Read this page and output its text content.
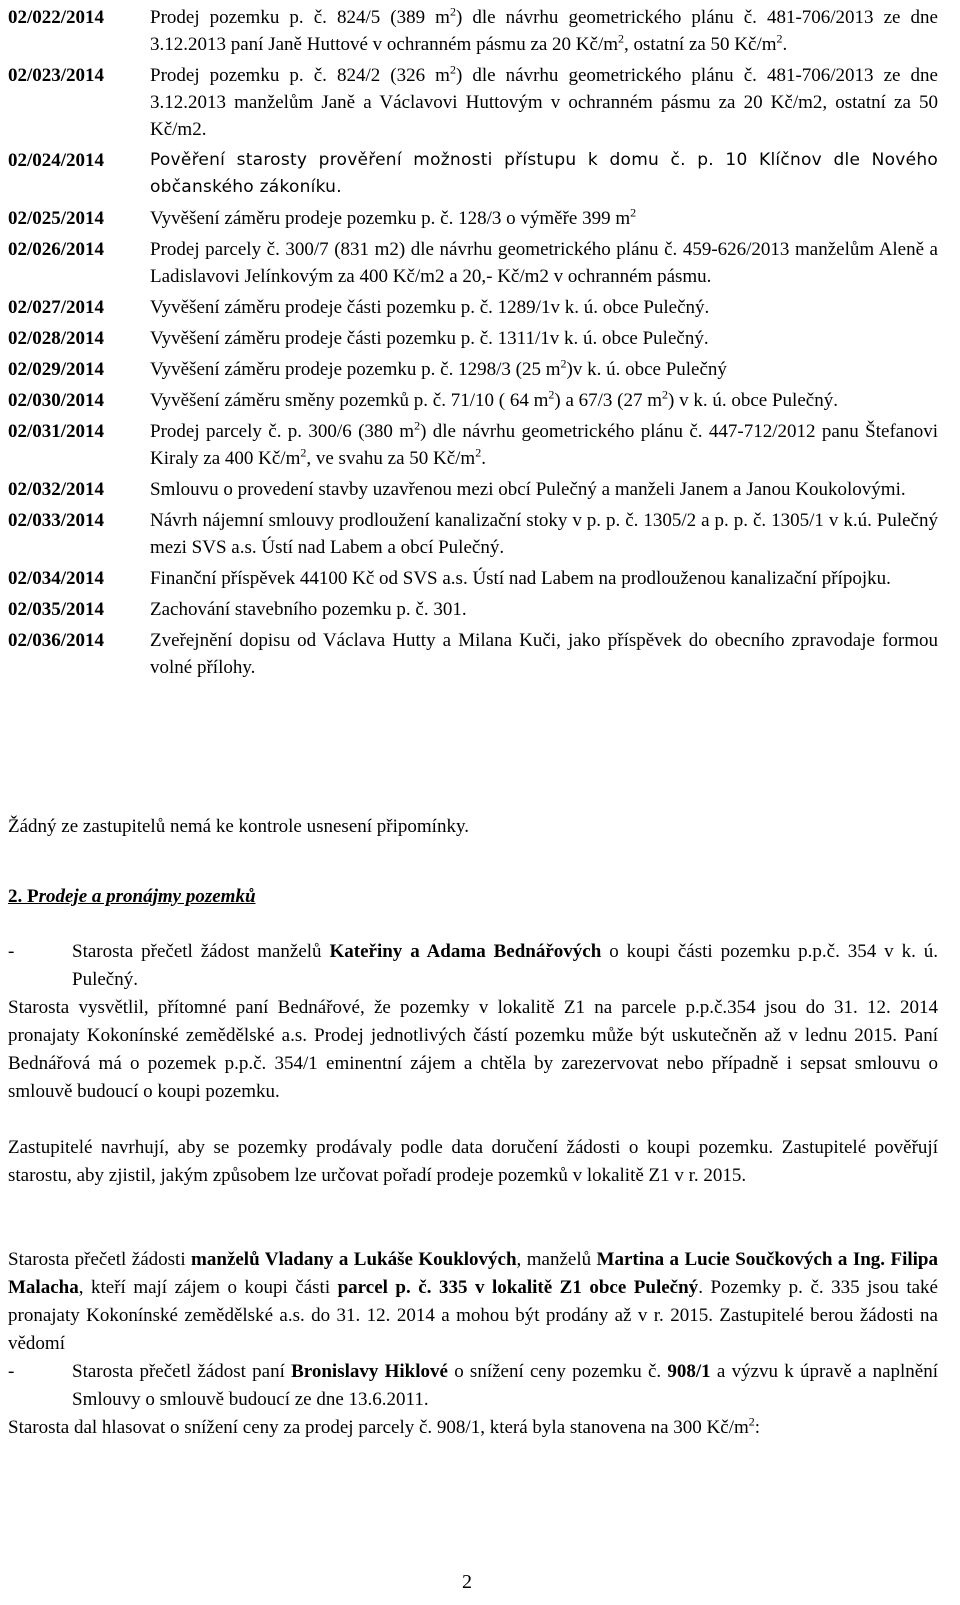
02/022/2014	Prodej pozemku p. č. 824/5 (389 $m^2$) dle návrhu geometrického plánu č. 481-706/2013 ze dne 3.12.2013 paní Janě Huttové v ochranném pásmu za 20 $Kč/m^2$, ostatní za 50 $Kč/m^2$.
02/023/2014	Prodej pozemku p. č. 824/2 (326 $m^2$) dle návrhu geometrického plánu č. 481-706/2013 ze dne 3.12.2013 manželům Janě a Václavovi Huttovým v ochranném pásmu za 20 Kč/m2, ostatní za 50 Kč/m2.
02/024/2014	Pověření starosty prověření možnosti přístupu k domu č. p. 10 Klíčnov dle Nového občanského zákoníku.
02/025/2014	Vyvěšení záměru prodeje pozemku p. č. 128/3 o výměře 399 $m^2$
02/026/2014	Prodej parcely č. 300/7 (831 m2) dle návrhu geometrického plánu č. 459-626/2013 manželům Aleně a Ladislavovi Jelínkovým za 400 Kč/m2 a 20,- Kč/m2 v ochranném pásmu.
02/027/2014	Vyvěšení záměru prodeje části pozemku p. č. 1289/1v k. ú. obce Pulečný.
02/028/2014	Vyvěšení záměru prodeje části pozemku p. č. 1311/1v k. ú. obce Pulečný.
02/029/2014	Vyvěšení záměru prodeje pozemku p. č. 1298/3 (25 $m^2)v$ k. ú. obce Pulečný
02/030/2014	Vyvěšení záměru směny pozemků p. č. 71/10 ( 64 $m^2$) a 67/3 (27 $m^2$) v k. ú. obce Pulečný.
02/031/2014	Prodej parcely č. p. 300/6 (380 $m^2$) dle návrhu geometrického plánu č. 447-712/2012 panu Štefanovi Kiraly za 400 $Kč/m^2$, ve svahu za 50 $Kč/m^2$.
02/032/2014	Smlouvu o provedení stavby uzavřenou mezi obcí Pulečný a manželi Janem a Janou Koukolovými.
02/033/2014	Návrh nájemní smlouvy prodloužení kanalizační stoky v p. p. č. 1305/2 a p. p. č. 1305/1 v k.ú. Pulečný mezi SVS a.s. Ústí nad Labem a obcí Pulečný.
02/034/2014	Finanční příspěvek 44100 Kč od SVS a.s. Ústí nad Labem na prodlouženou kanalizační přípojku.
02/035/2014	Zachování stavebního pozemku p. č. 301.
02/036/2014	Zveřejnění dopisu od Václava Hutty a Milana Kuči, jako příspěvek do obecního zpravodaje formou volné přílohy.
Žádný ze zastupitelů nemá ke kontrole usnesení připomínky.
2. Prodeje a pronájmy pozemků
-	Starosta přečetl žádost manželů Kateřiny a Adama Bednářových o koupi části pozemku p.p.č. 354 v k. ú. Pulečný.
Starosta vysvětlil, přítomné paní Bednářové, že pozemky v lokalitě Z1 na parcele p.p.č.354 jsou do 31. 12. 2014 pronajaty Kokonínské zemědělské a.s. Prodej jednotlivých částí pozemku může být uskutečněn až v lednu 2015. Paní Bednářová má o pozemek p.p.č. 354/1 eminentní zájem a chtěla by zarezervovat nebo případně i sepsat smlouvu o smlouvě budoucí o koupi pozemku.
Zastupitelé navrhují, aby se pozemky prodávaly podle data doručení žádosti o koupi pozemku. Zastupitelé pověřují starostu, aby zjistil, jakým způsobem lze určovat pořadí prodeje pozemků v lokalitě Z1 v r. 2015.
Starosta přečetl žádosti manželů Vladany a Lukáše Kouklových, manželů Martina a Lucie Součkových a Ing. Filipa Malacha, kteří mají zájem o koupi části parcel p. č. 335 v lokalitě Z1 obce Pulečný. Pozemky p. č. 335 jsou také pronajaty Kokonínské zemědělské a.s. do 31. 12. 2014 a mohou být prodány až v r. 2015. Zastupitelé berou žádosti na vědomí
-	Starosta přečetl žádost paní Bronislavy Hiklové o snížení ceny pozemku č. 908/1 a výzvu k úpravě a naplnění Smlouvy o smlouvě budoucí ze dne 13.6.2011.
Starosta dal hlasovat o snížení ceny za prodej parcely č. 908/1, která byla stanovena na 300 $Kč/m^2$:
2
